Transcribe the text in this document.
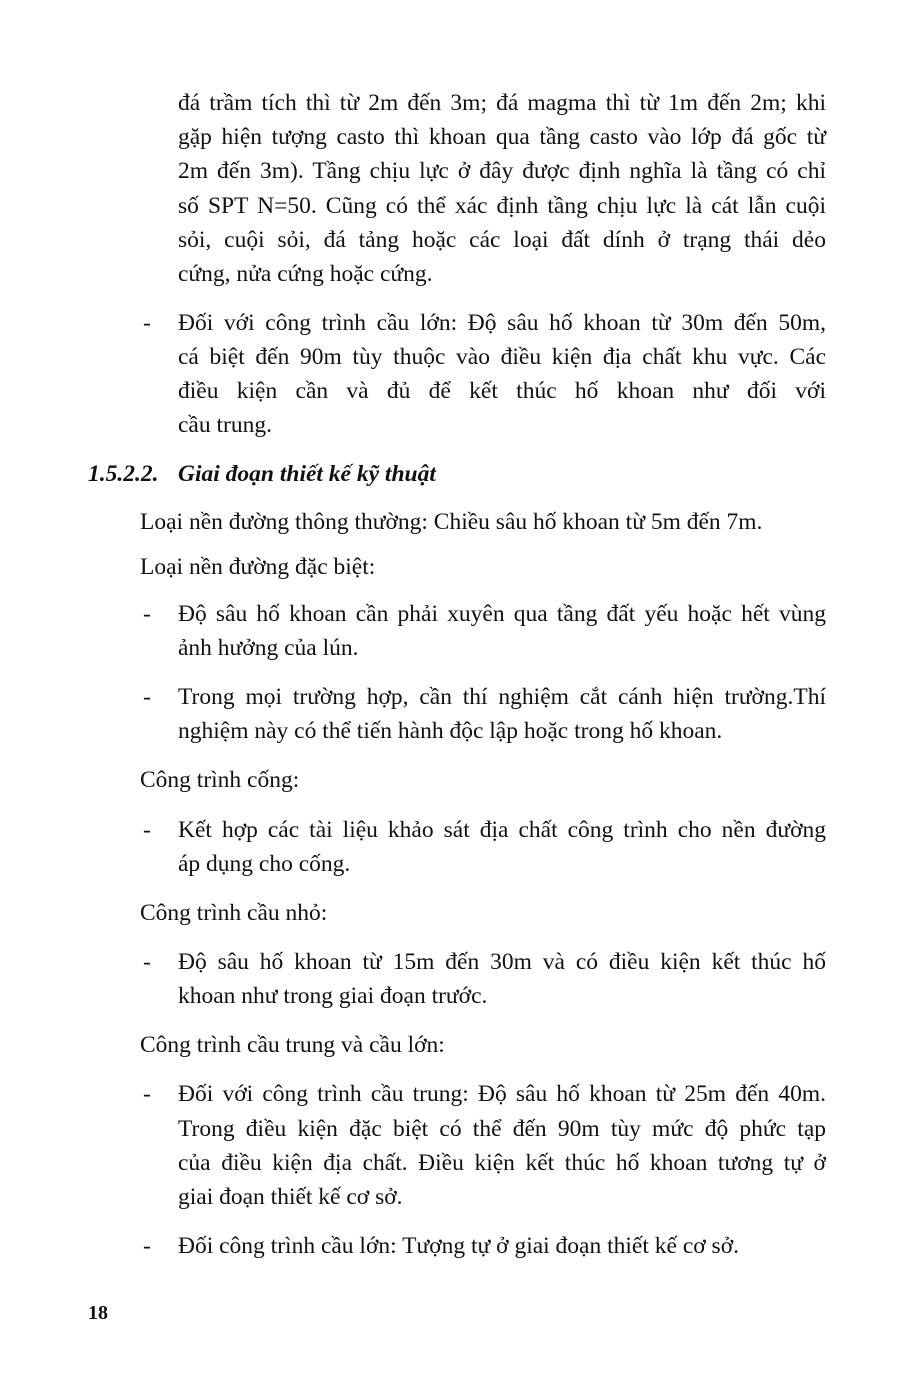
đá trầm tích thì từ 2m đến 3m; đá magma thì từ 1m đến 2m; khi
gặp hiện tượng casto thì khoan qua tầng casto vào lớp đá gốc từ
2m đến 3m). Tầng chịu lực ở đây được định nghĩa là tầng có chỉ
số SPT N=50. Cũng có thể xác định tầng chịu lực là cát lẫn cuội
sỏi, cuội sỏi, đá tảng hoặc các loại đất dính ở trạng thái dẻo
cứng, nửa cứng hoặc cứng.
- Đối với công trình cầu lớn: Độ sâu hố khoan từ 30m đến 50m,
cá biệt đến 90m tùy thuộc vào điều kiện địa chất khu vực. Các
điều kiện cần và đủ để kết thúc hố khoan như đối với
cầu trung.
1.5.2.2. Giai đoạn thiết kế kỹ thuật
Loại nền đường thông thường: Chiều sâu hố khoan từ 5m đến 7m.
Loại nền đường đặc biệt:
- Độ sâu hố khoan cần phải xuyên qua tầng đất yếu hoặc hết vùng
ảnh hưởng của lún.
- Trong mọi trường hợp, cần thí nghiệm cắt cánh hiện trường.Thí
nghiệm này có thể tiến hành độc lập hoặc trong hố khoan.
Công trình cống:
- Kết hợp các tài liệu khảo sát địa chất công trình cho nền đường
áp dụng cho cống.
Công trình cầu nhỏ:
- Độ sâu hố khoan từ 15m đến 30m và có điều kiện kết thúc hố
khoan như trong giai đoạn trước.
Công trình cầu trung và cầu lớn:
- Đối với công trình cầu trung: Độ sâu hố khoan từ 25m đến 40m.
Trong điều kiện đặc biệt có thể đến 90m tùy mức độ phức tạp
của điều kiện địa chất. Điều kiện kết thúc hố khoan tương tự ở
giai đoạn thiết kế cơ sở.
- Đối công trình cầu lớn: Tượng tự ở giai đoạn thiết kế cơ sở.
18
